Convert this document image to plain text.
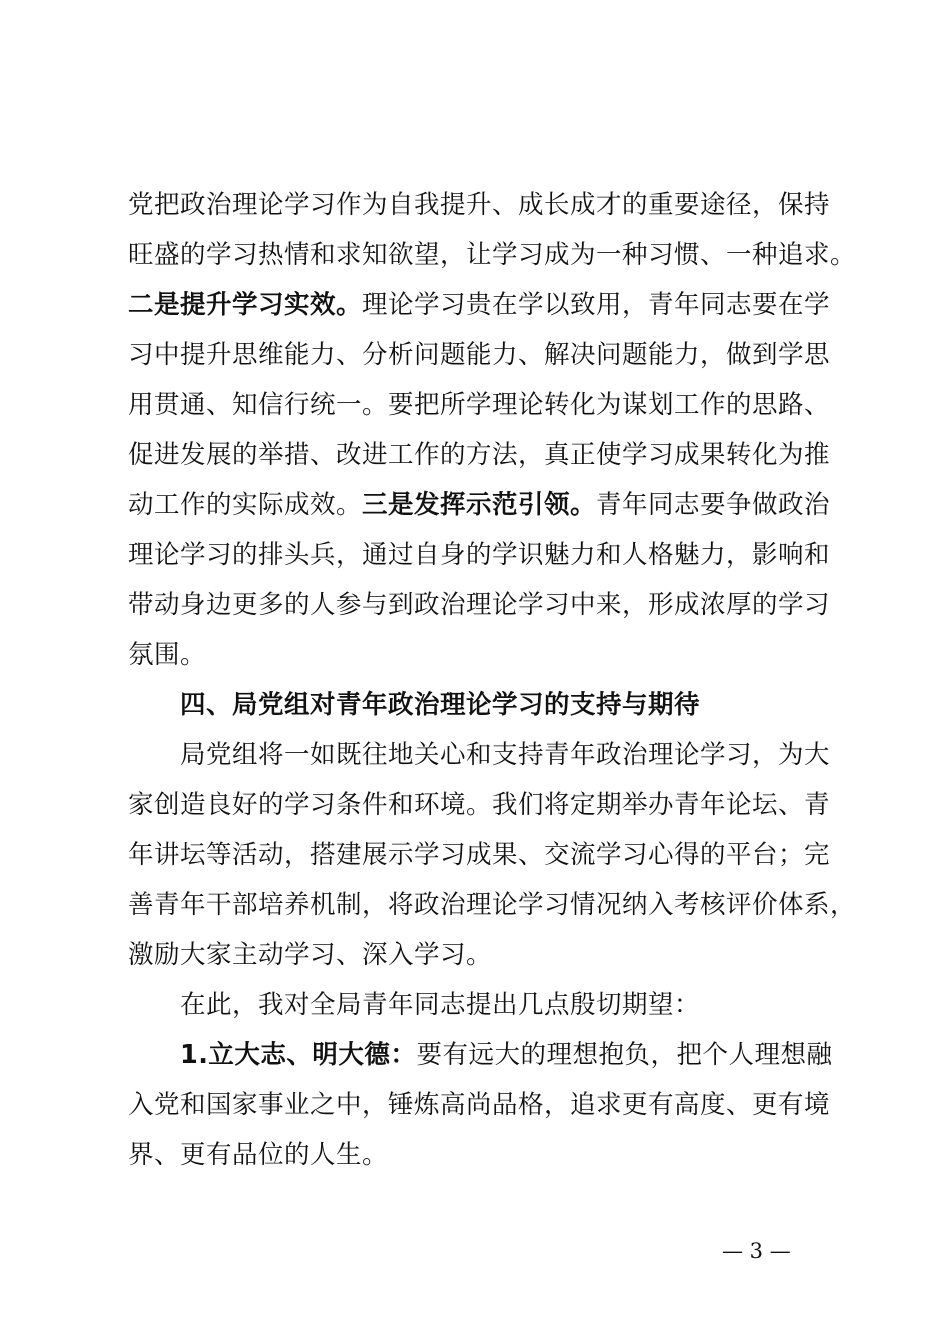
党把政治理论学习作为自我提升、成长成才的重要途径，保持
旺盛的学习热情和求知欲望，让学习成为一种习惯、一种追求。
二是提升学习实效。理论学习贵在学以致用，青年同志要在学
习中提升思维能力、分析问题能力、解决问题能力，做到学思
用贯通、知信行统一。要把所学理论转化为谋划工作的思路、
促进发展的举措、改进工作的方法，真正使学习成果转化为推
动工作的实际成效。三是发挥示范引领。青年同志要争做政治
理论学习的排头兵，通过自身的学识魅力和人格魅力，影响和
带动身边更多的人参与到政治理论学习中来，形成浓厚的学习
氛围。
四、局党组对青年政治理论学习的支持与期待
局党组将一如既往地关心和支持青年政治理论学习，为大
家创造良好的学习条件和环境。我们将定期举办青年论坛、青
年讲坛等活动，搭建展示学习成果、交流学习心得的平台；完
善青年干部培养机制，将政治理论学习情况纳入考核评价体系，
激励大家主动学习、深入学习。
在此，我对全局青年同志提出几点殷切期望：
1.立大志、明大德：要有远大的理想抱负，把个人理想融
入党和国家事业之中，锤炼高尚品格，追求更有高度、更有境
界、更有品位的人生。
— 3 —
